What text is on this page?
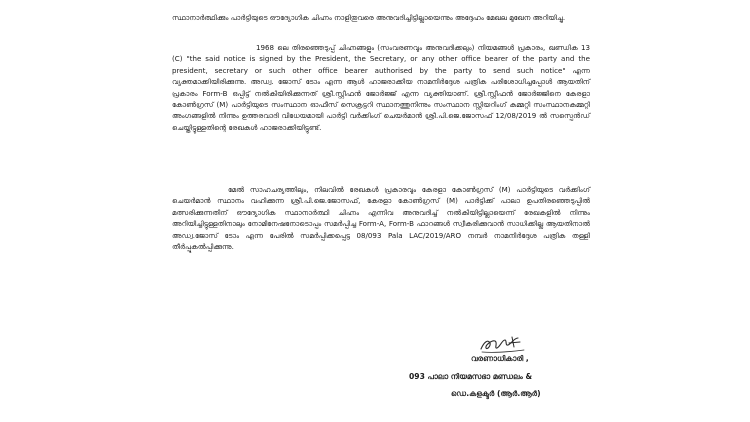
സ്ഥാനാർത്ഥിക്കും പാർട്ടിയുടെ ഔദ്യോഗിക ചിഹ്നം നാളിതുവരെ അനുവദിച്ചിട്ടില്ലായെന്നും അദ്ദേഹം മേഖല മുഖേന അറിയിച്ചു.

1968 ലെ തിരഞ്ഞെടുപ്പ് ചിഹ്നങ്ങളും (സംവരണവും അനുവദിക്കലും) നിയമങ്ങൾ പ്രകാരം, ഖണ്ഡിക 13 (C) "the said notice is signed by the President, the Secretary, or any other office bearer of the party and the president, secretary or such other office bearer authorised by the party to send such notice" എന്ന വ്യക്തമാക്കിയിരിക്കുന്നു. അഡ്വ. ജോസ് ടോം എന്ന ആൾ ഹാജരാക്കിയ നാമനിർദ്ദേശ പത്രിക പരിശോധിച്ചപ്പോൾ ആയതിന് പ്രകാരം Form-B ഒപ്പിട്ട് നൽകിയിരിക്കുന്നത് ശ്രീ.സ്റ്റീഫൻ ജോർജ്ജ് എന്ന വ്യക്തിയാണ്. ശ്രീ.സ്റ്റീഫൻ ജോർജ്ജിനെ കേരളാ കോൺഗ്രസ് (M) പാർട്ടിയുടെ സംസ്ഥാന ഓഫീസ് സെക്രട്ടറി സ്ഥാനത്തുനിന്നും സംസ്ഥാന സ്റ്റിയറിംഗ് കമ്മറ്റി സംസ്ഥാനകമ്മറ്റി അംഗങ്ങളിൽ നിന്നും ഉത്തരവാദി വിധേയമായി പാർട്ടി വർക്കിംഗ് ചെയർമാൻ ശ്രീ.പി.ജെ.ജോസഫ് 12/08/2019 ൽ സസ്പെൻഡ് ചെയ്തിട്ടുള്ളതിന്റെ രേഖകൾ ഹാജരാക്കിയിട്ടുണ്ട്.

മേൽ സാഹചര്യത്തിലും, നിലവിൽ രേഖകൾ പ്രകാരവും കേരളാ കോൺഗ്രസ് (M) പാർട്ടിയുടെ വർക്കിംഗ് ചെയർമാൻ സ്ഥാനം വഹിക്കുന്ന ശ്രീ.പി.ജെ.ജോസഫ്, കേരളാ കോൺഗ്രസ് (M) പാർട്ടിക്ക് പാലാ ഉപതിരഞ്ഞെടുപ്പിൽ മത്സരിക്കുന്നതിന് ഔദ്യോഗിക സ്ഥാനാർത്ഥി ചിഹ്നം എന്നിവ അനുവദിച്ച് നൽകിയിട്ടില്ലായെന്ന് രേഖകളിൽ നിന്നും അറിയിച്ചിട്ടുള്ളതിനാലും നോമിനേഷനോടൊപ്പം സമർപ്പിച്ച Form-A, Form-B ഫാറങ്ങൾ സ്വീകരിക്കുവാൻ സാധിക്കില്ല ആയതിനാൽ അഡ്വ.ജോസ് ടോം എന്ന പേരിൽ സമർപ്പിക്കപ്പെട്ട 08/093 Pala LAC/2019/ARO നമ്പർ നാമനിർദ്ദേശ പത്രിക തള്ളി തീർപ്പുകൽപ്പിക്കുന്നു.

വരണാധികാരി ,
093 പാലാ നിയമസഭാ മണ്ഡലം &
ഡെ.കളക്ടർ (ആർ.ആർ)
